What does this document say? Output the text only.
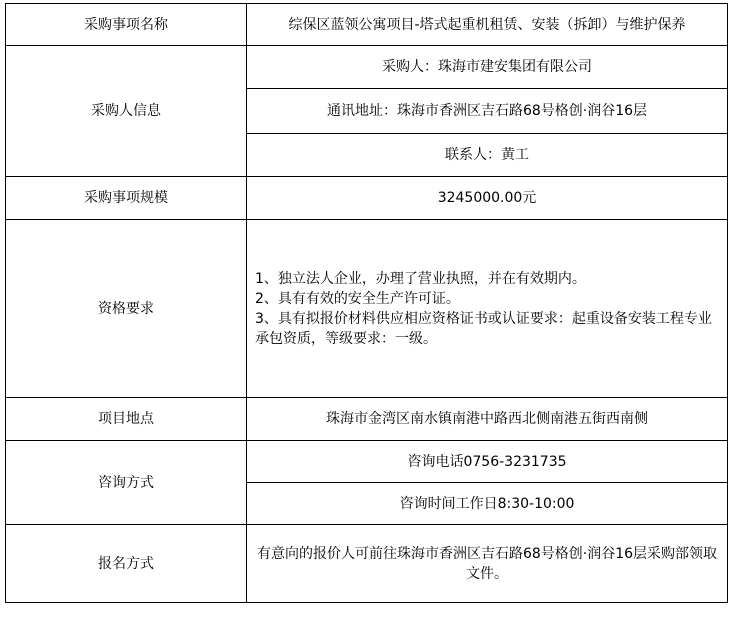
采购事项名称	综保区蓝领公寓项目-塔式起重机租赁、安装（拆卸）与维护保养
采购人信息	采购人：珠海市建安集团有限公司
	通讯地址：珠海市香洲区吉石路68号格创·润谷16层
	联系人：黄工
采购事项规模	3245000.00元
资格要求	1、独立法人企业，办理了营业执照，并在有效期内。
2、具有有效的安全生产许可证。
3、具有拟报价材料供应相应资格证书或认证要求：起重设备安装工程专业承包资质，等级要求：一级。

项目地点	珠海市金湾区南水镇南港中路西北侧南港五街西南侧
咨询方式	咨询电话0756-3231735
	咨询时间工作日8:30-10:00
报名方式	有意向的报价人可前往珠海市香洲区吉石路68号格创·润谷16层采购部领取文件。
